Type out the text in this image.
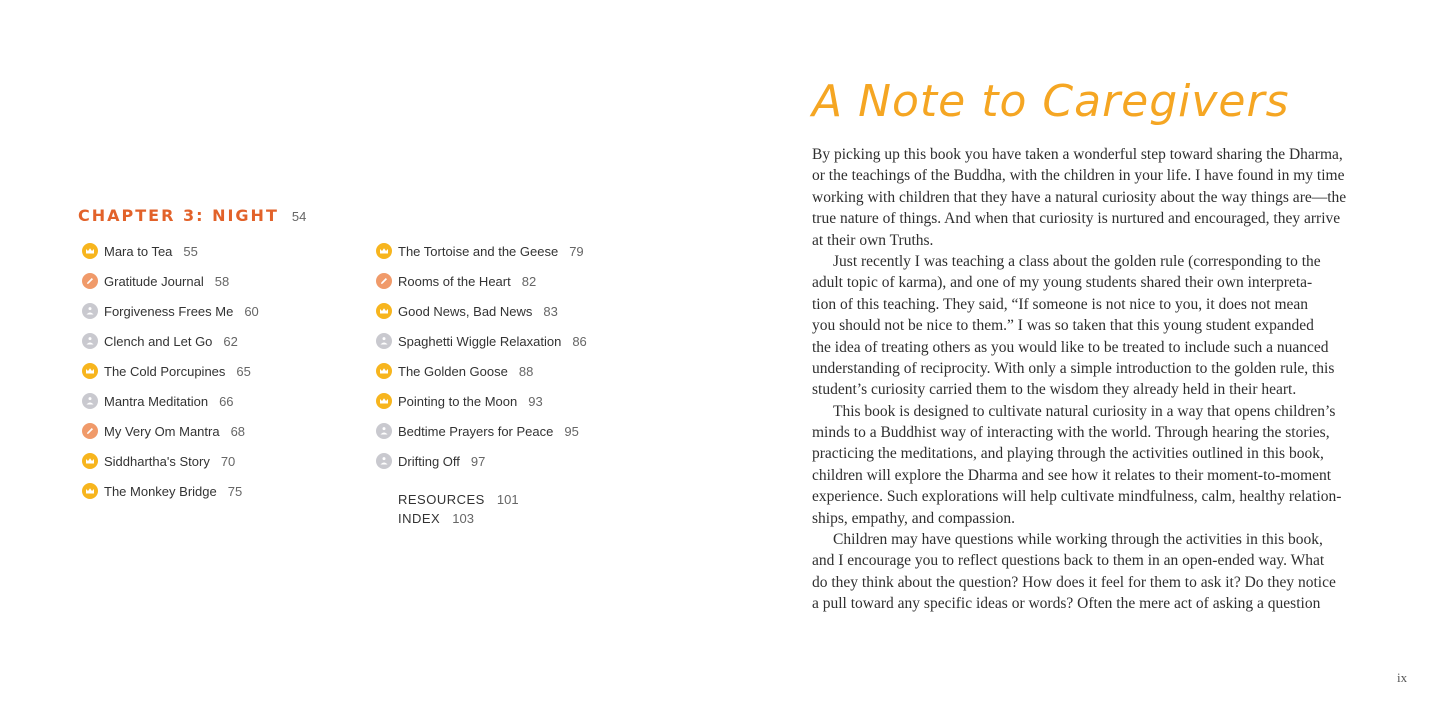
CHAPTER 3: NIGHT 54
Mara to Tea 55
Gratitude Journal 58
Forgiveness Frees Me 60
Clench and Let Go 62
The Cold Porcupines 65
Mantra Meditation 66
My Very Om Mantra 68
Siddhartha's Story 70
The Monkey Bridge 75
The Tortoise and the Geese 79
Rooms of the Heart 82
Good News, Bad News 83
Spaghetti Wiggle Relaxation 86
The Golden Goose 88
Pointing to the Moon 93
Bedtime Prayers for Peace 95
Drifting Off 97
RESOURCES 101
INDEX 103
A Note to Caregivers
By picking up this book you have taken a wonderful step toward sharing the Dharma,
or the teachings of the Buddha, with the children in your life. I have found in my time
working with children that they have a natural curiosity about the way things are—the
true nature of things. And when that curiosity is nurtured and encouraged, they arrive
at their own Truths.
Just recently I was teaching a class about the golden rule (corresponding to the
adult topic of karma), and one of my young students shared their own interpreta-
tion of this teaching. They said, “If someone is not nice to you, it does not mean
you should not be nice to them.” I was so taken that this young student expanded
the idea of treating others as you would like to be treated to include such a nuanced
understanding of reciprocity. With only a simple introduction to the golden rule, this
student’s curiosity carried them to the wisdom they already held in their heart.
This book is designed to cultivate natural curiosity in a way that opens children’s
minds to a Buddhist way of interacting with the world. Through hearing the stories,
practicing the meditations, and playing through the activities outlined in this book,
children will explore the Dharma and see how it relates to their moment-to-moment
experience. Such explorations will help cultivate mindfulness, calm, healthy relation-
ships, empathy, and compassion.
Children may have questions while working through the activities in this book,
and I encourage you to reflect questions back to them in an open-ended way. What
do they think about the question? How does it feel for them to ask it? Do they notice
a pull toward any specific ideas or words? Often the mere act of asking a question
ix
